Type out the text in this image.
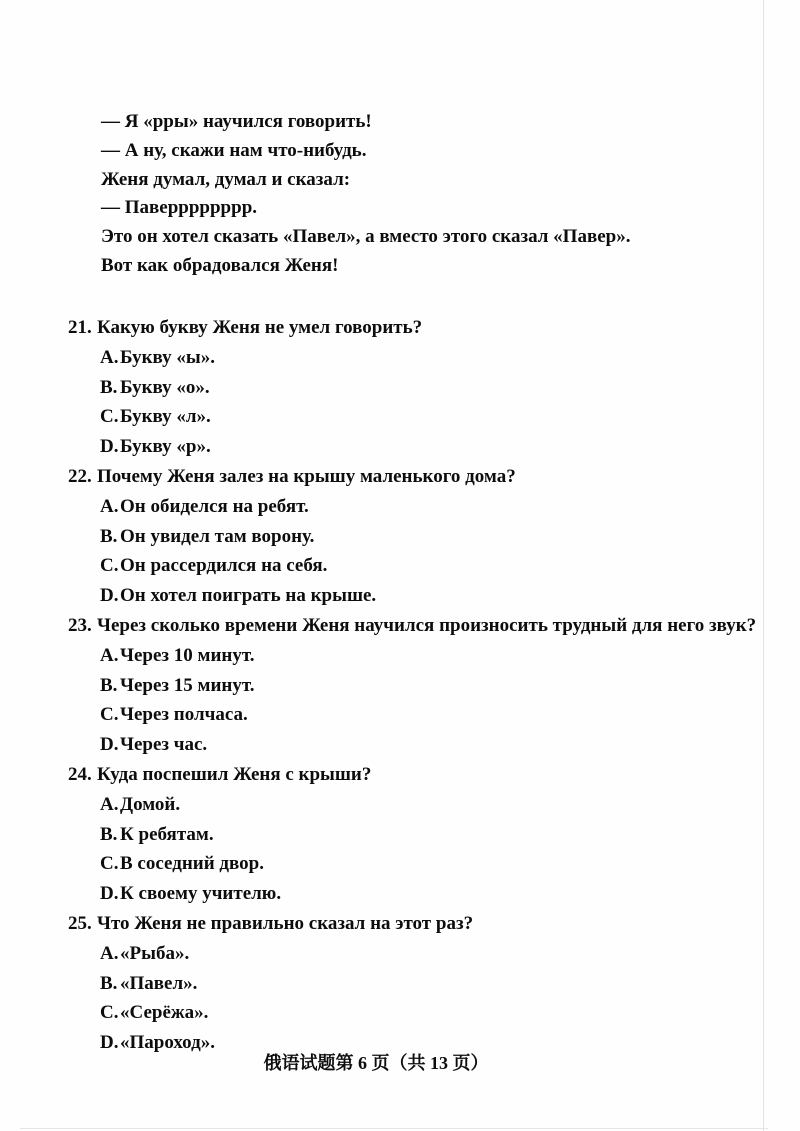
— Я «рры» научился говорить!

— А ну, скажи нам что-нибудь.

Женя думал, думал и сказал:

— Паверррррррр.

Это он хотел сказать «Павел», а вместо этого сказал «Павер».

Вот как обрадовался Женя!

21. Какую букву Женя не умел говорить?
A.Букву «ы».
B. Букву «о».
C.Букву «л».
D.Букву «р».
22. Почему Женя залез на крышу маленького дома?
A.Он обиделся на ребят.
B. Он увидел там ворону.
C.Он рассердился на себя.
D.Он хотел поиграть на крыше.
23. Через сколько времени Женя научился произносить трудный для него звук?
A.Через 10 минут.
B. Через 15 минут.
C.Через полчаса.
D.Через час.
24. Куда поспешил Женя с крыши?
A.Домой.
B. К ребятам.
C.В соседний двор.
D.К своему учителю.
25. Что Женя не правильно сказал на этот раз?
A.«Рыба».
B. «Павел».
C.«Серёжа».
D.«Пароход».
俄语试题第 6 页（共 13 页）
